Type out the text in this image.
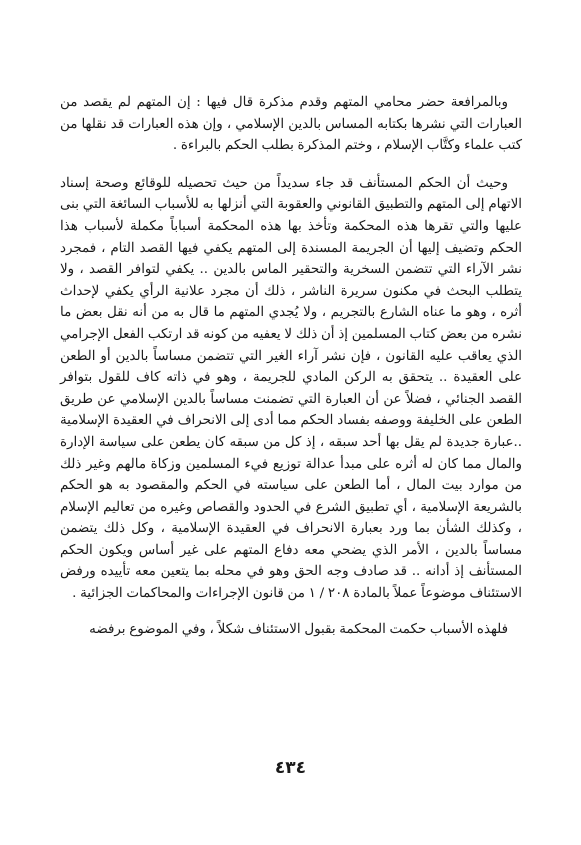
وبالمرافعة حضر محامي المتهم وقدم مذكرة قال فيها : إن المتهم لم يقصد من العبارات التي نشرها بكتابه المساس بالدين الإسلامي ، وإن هذه العبارات قد نقلها من كتب علماء وكتَّاب الإسلام ، وختم المذكرة بطلب الحكم بالبراءة .

وحيث أن الحكم المستأنف قد جاء سديداً من حيث تحصيله للوقائع وصحة إسناد الاتهام إلى المتهم والتطبيق القانوني والعقوبة التي أنزلها به للأسباب السائغة التي بنى عليها والتي تقرها هذه المحكمة وتأخذ بها هذه المحكمة أسباباً مكملة لأسباب هذا الحكم وتضيف إليها أن الجريمة المسندة إلى المتهم يكفي فيها القصد التام ، فمجرد نشر الآراء التي تتضمن السخرية والتحقير الماس بالدين .. يكفي لتوافر القصد ، ولا يتطلب البحث في مكنون سريرة الناشر ، ذلك أن مجرد علانية الرأي يكفي لإحداث أثره ، وهو ما عناه الشارع بالتجريم ، ولا يُجدي المتهم ما قال به من أنه نقل بعض ما نشره من بعض كتاب المسلمين إذ أن ذلك لا يعفيه من كونه قد ارتكب الفعل الإجرامي الذي يعاقب عليه القانون ، فإن نشر آراء الغير التي تتضمن مساساً بالدين أو الطعن على العقيدة .. يتحقق به الركن المادي للجريمة ، وهو في ذاته كاف للقول بتوافر القصد الجنائي ، فضلاً عن أن العبارة التي تضمنت مساساً بالدين الإسلامي عن طريق الطعن على الخليفة ووصفه بفساد الحكم مما أدى إلى الانحراف في العقيدة الإسلامية ..عبارة جديدة لم يقل بها أحد سبقه ، إذ كل من سبقه كان يطعن على سياسة الإدارة والمال مما كان له أثره على مبدأ عدالة توزيع فيء المسلمين وزكاة مالهم وغير ذلك من موارد بيت المال ، أما الطعن على سياسته في الحكم والمقصود به هو الحكم بالشريعة الإسلامية ، أي تطبيق الشرع في الحدود والقصاص وغيره من تعاليم الإسلام ، وكذلك الشأن بما ورد بعبارة الانحراف في العقيدة الإسلامية ، وكل ذلك يتضمن مساساً بالدين ، الأمر الذي يضحي معه دفاع المتهم على غير أساس ويكون الحكم المستأنف إذ أدانه .. قد صادف وجه الحق وهو في محله بما يتعين معه تأييده ورفض الاستئناف موضوعاً عملاً بالمادة ٢٠٨ / ١ من قانون الإجراءات والمحاكمات الجزائية .

فلهذه الأسباب حكمت المحكمة بقبول الاستئناف شكلاً ، وفي الموضوع برفضه

٤٣٤
